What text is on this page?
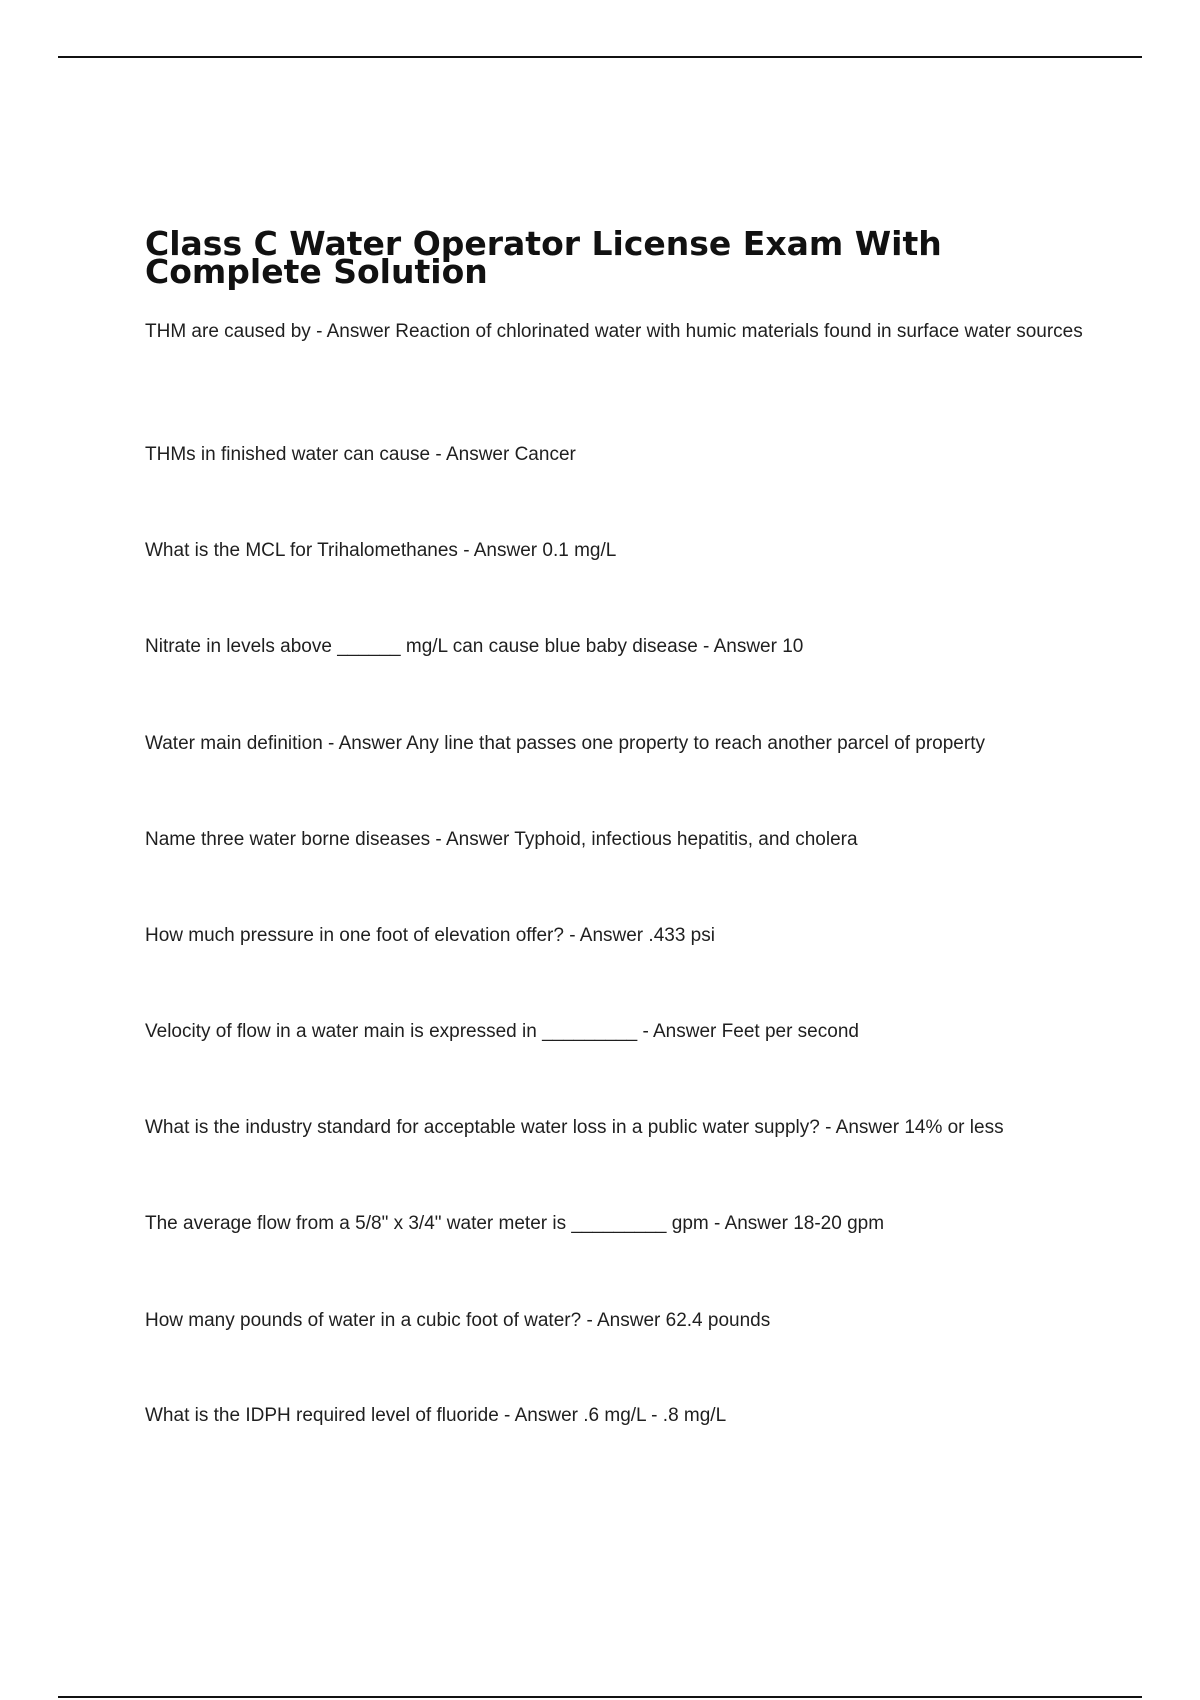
Class C Water Operator License Exam With Complete Solution

THM are caused by - Answer Reaction of chlorinated water with humic materials found in surface water sources

THMs in finished water can cause - Answer Cancer

What is the MCL for Trihalomethanes - Answer 0.1 mg/L

Nitrate in levels above ______ mg/L can cause blue baby disease - Answer 10

Water main definition - Answer Any line that passes one property to reach another parcel of property

Name three water borne diseases - Answer Typhoid, infectious hepatitis, and cholera

How much pressure in one foot of elevation offer? - Answer .433 psi

Velocity of flow in a water main is expressed in _________ - Answer Feet per second

What is the industry standard for acceptable water loss in a public water supply? - Answer 14% or less

The average flow from a 5/8" x 3/4" water meter is _________ gpm - Answer 18-20 gpm

How many pounds of water in a cubic foot of water? - Answer 62.4 pounds

What is the IDPH required level of fluoride - Answer .6 mg/L - .8 mg/L
